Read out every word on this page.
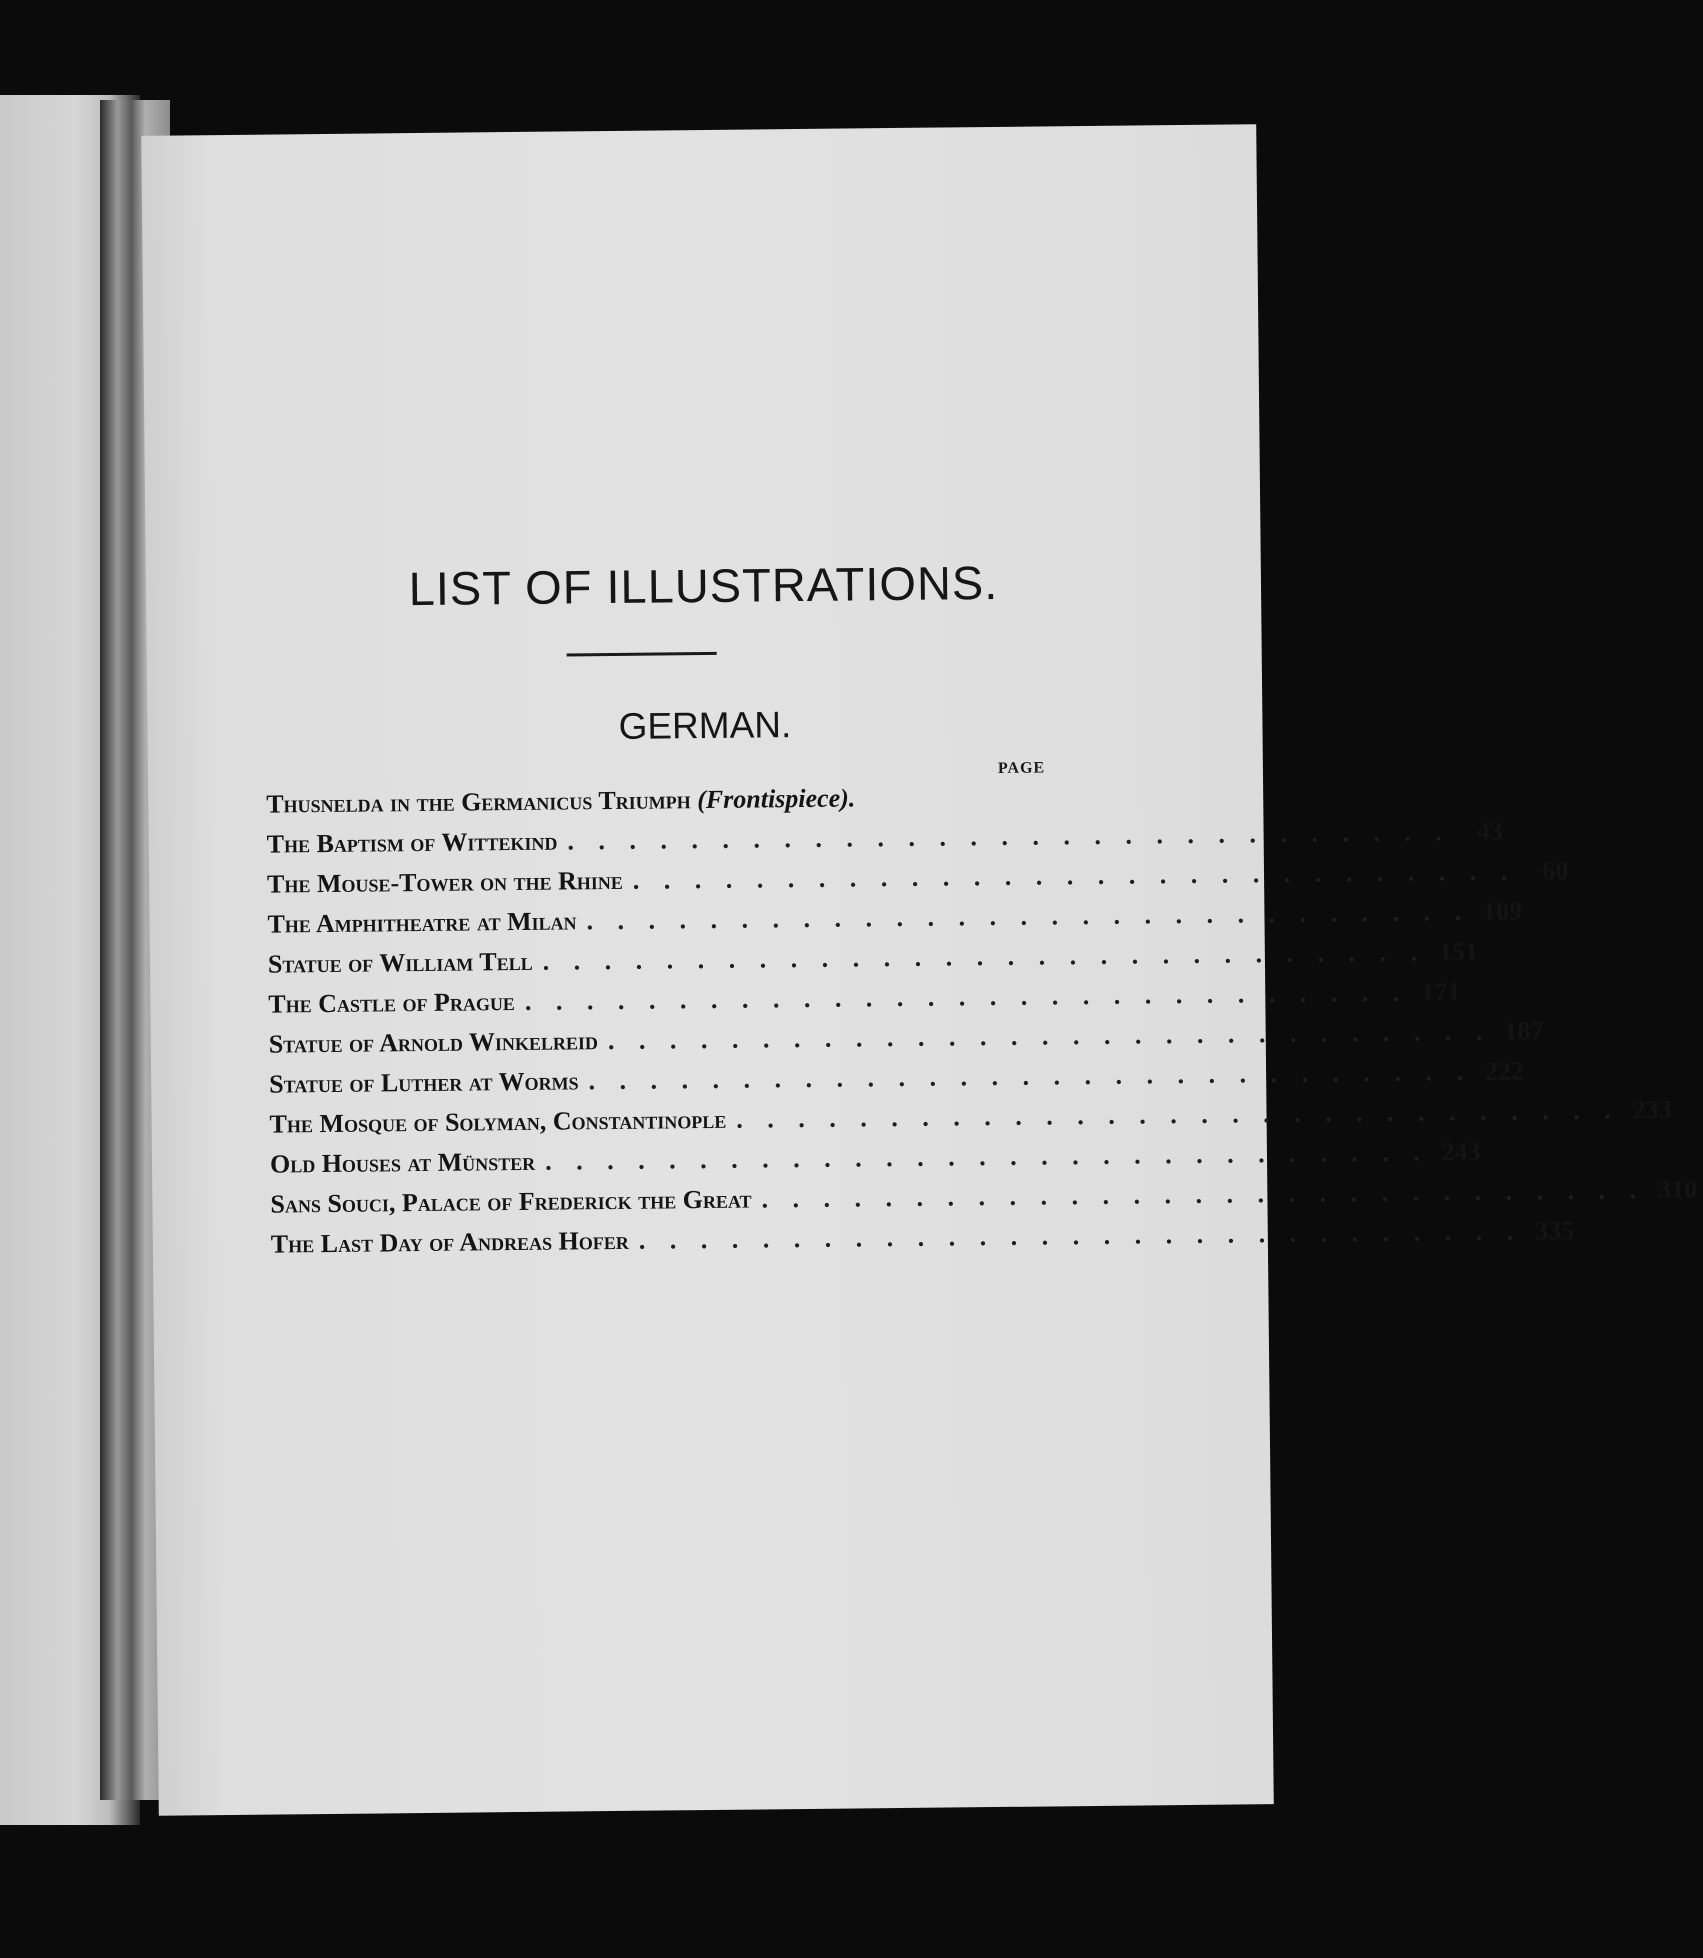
LIST OF ILLUSTRATIONS.
GERMAN.
PAGE
Thusnelda in the Germanicus Triumph (Frontispiece).
The Baptism of Wittekind . . . . . . . . . . . . . . . . . . . . . . . . . . . . . 43
The Mouse-Tower on the Rhine . . . . . . . . . . . . . . . . . . . . . . . . . . . . . 60
The Amphitheatre at Milan . . . . . . . . . . . . . . . . . . . . . . . . . . . . . 109
Statue of William Tell . . . . . . . . . . . . . . . . . . . . . . . . . . . . . 151
The Castle of Prague . . . . . . . . . . . . . . . . . . . . . . . . . . . . . 171
Statue of Arnold Winkelreid . . . . . . . . . . . . . . . . . . . . . . . . . . . . . 187
Statue of Luther at Worms . . . . . . . . . . . . . . . . . . . . . . . . . . . . . 222
The Mosque of Solyman, Constantinople . . . . . . . . . . . . . . . . . . . . . . . . . . . . . 233
Old Houses at Münster . . . . . . . . . . . . . . . . . . . . . . . . . . . . . 243
Sans Souci, Palace of Frederick the Great . . . . . . . . . . . . . . . . . . . . . . . . . . . . . 310
The Last Day of Andreas Hofer . . . . . . . . . . . . . . . . . . . . . . . . . . . . . 335
